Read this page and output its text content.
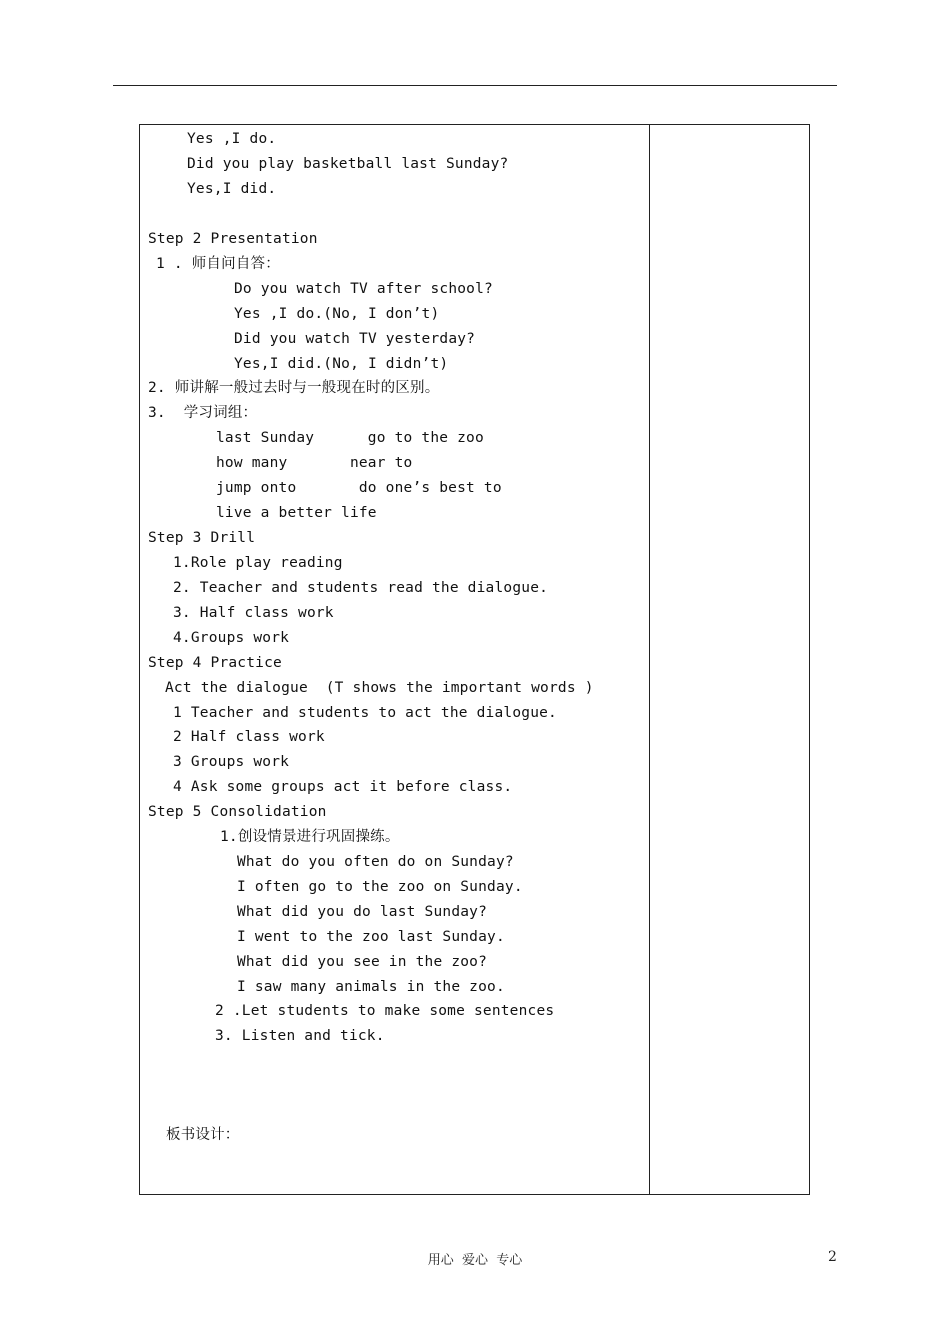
Yes ,I do.
Did you play basketball last Sunday?
Yes,I did.
Step 2 Presentation
1 . 师自问自答：
Do you watch TV after school?
Yes ,I do.(No, I don’t)
Did you watch TV yesterday?
Yes,I did.(No, I didn’t)
2. 师讲解一般过去时与一般现在时的区别。
3.  学习词组：
last Sunday      go to the zoo
how many       near to
jump onto       do one’s best to
live a better life
Step 3 Drill
1.Role play reading
2. Teacher and students read the dialogue.
3. Half class work
4.Groups work
Step 4 Practice
Act the dialogue  (T shows the important words )
1 Teacher and students to act the dialogue.
2 Half class work
3 Groups work
4 Ask some groups act it before class.
Step 5 Consolidation
1.创设情景进行巩固操练。
What do you often do on Sunday?
I often go to the zoo on Sunday.
What did you do last Sunday?
I went to the zoo last Sunday.
What did you see in the zoo?
I saw many animals in the zoo.
2 .Let students to make some sentences
3. Listen and tick.
板书设计：
用心  爱心  专心	2
